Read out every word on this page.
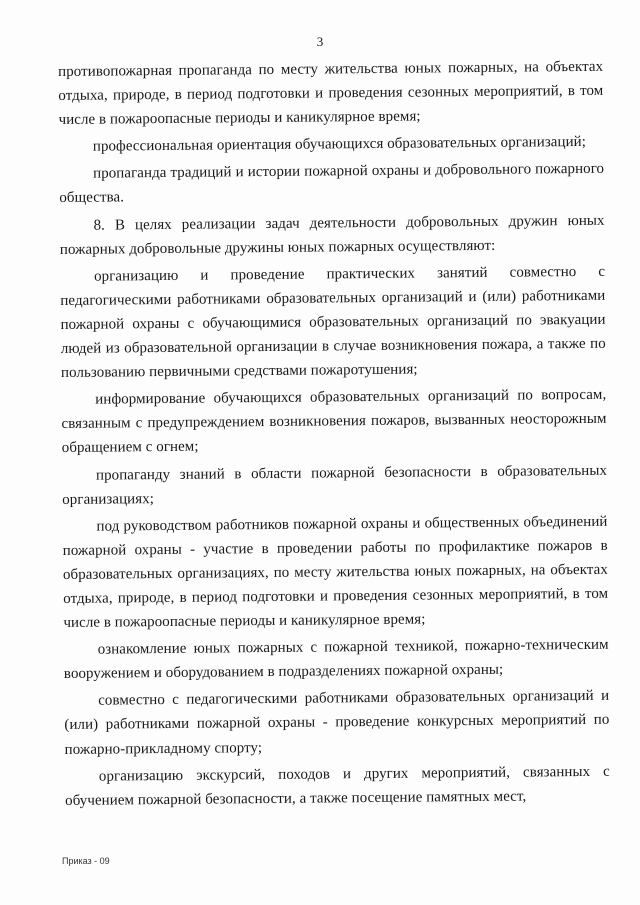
3

противопожарная пропаганда по месту жительства юных пожарных, на объектах отдыха, природе, в период подготовки и проведения сезонных мероприятий, в том числе в пожароопасные периоды и каникулярное время;

профессиональная ориентация обучающихся образовательных организаций;

пропаганда традиций и истории пожарной охраны и добровольного пожарного общества.

8. В целях реализации задач деятельности добровольных дружин юных пожарных добровольные дружины юных пожарных осуществляют:

организацию и проведение практических занятий совместно с педагогическими работниками образовательных организаций и (или) работниками пожарной охраны с обучающимися образовательных организаций по эвакуации людей из образовательной организации в случае возникновения пожара, а также по пользованию первичными средствами пожаротушения;

информирование обучающихся образовательных организаций по вопросам, связанным с предупреждением возникновения пожаров, вызванных неосторожным обращением с огнем;

пропаганду знаний в области пожарной безопасности в образовательных организациях;

под руководством работников пожарной охраны и общественных объединений пожарной охраны - участие в проведении работы по профилактике пожаров в образовательных организациях, по месту жительства юных пожарных, на объектах отдыха, природе, в период подготовки и проведения сезонных мероприятий, в том числе в пожароопасные периоды и каникулярное время;

ознакомление юных пожарных с пожарной техникой, пожарно-техническим вооружением и оборудованием в подразделениях пожарной охраны;

совместно с педагогическими работниками образовательных организаций и (или) работниками пожарной охраны - проведение конкурсных мероприятий по пожарно-прикладному спорту;

организацию экскурсий, походов и других мероприятий, связанных с обучением пожарной безопасности, а также посещение памятных мест,

Приказ - 09
